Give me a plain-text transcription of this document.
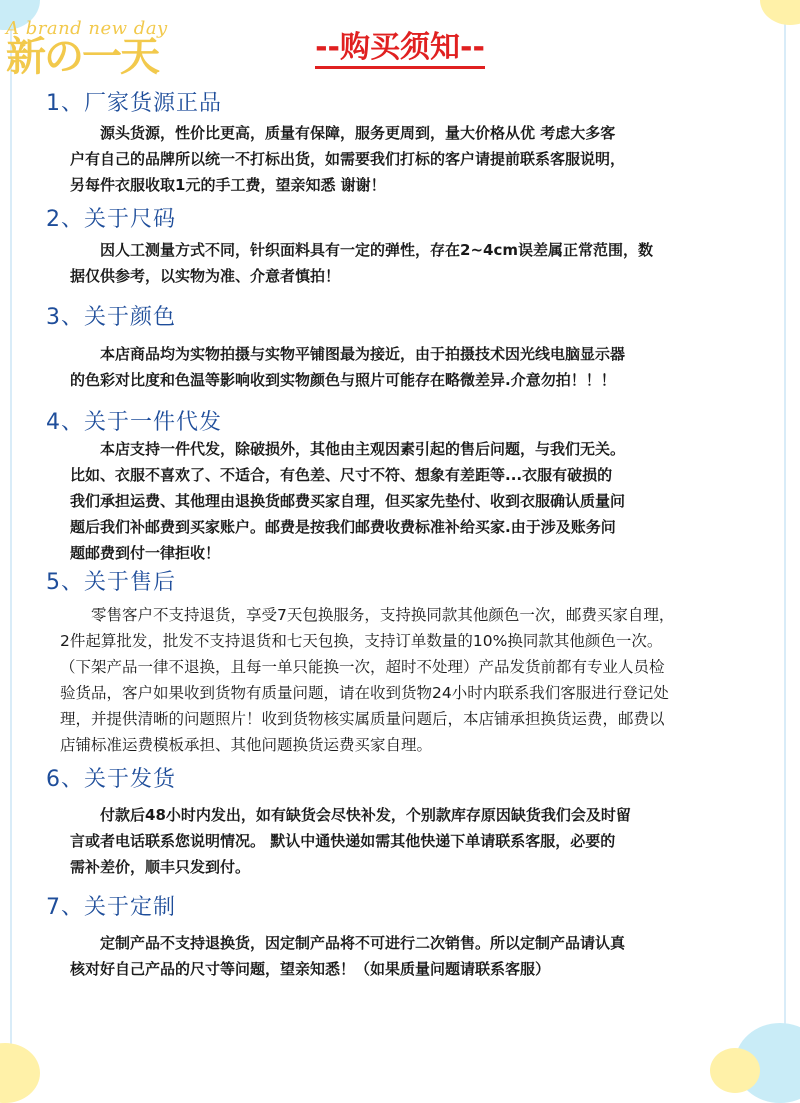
A brand new day
新の一天	--购买须知--
1、厂家货源正品

　　源头货源，性价比更高，质量有保障，服务更周到，量大价格从优 考虑大多客

户有自己的品牌所以统一不打标出货，如需要我们打标的客户请提前联系客服说明，

另每件衣服收取1元的手工费，望亲知悉 谢谢！

2、关于尺码

　　因人工测量方式不同，针织面料具有一定的弹性，存在2~4cm误差属正常范围，数

据仅供参考，以实物为准、介意者慎拍！

3、关于颜色

　　本店商品均为实物拍摄与实物平铺图最为接近，由于拍摄技术因光线电脑显示器

的色彩对比度和色温等影响收到实物颜色与照片可能存在略微差异.介意勿拍！！！

4、关于一件代发

　　本店支持一件代发，除破损外，其他由主观因素引起的售后问题，与我们无关。

比如、衣服不喜欢了、不适合，有色差、尺寸不符、想象有差距等...衣服有破损的

我们承担运费、其他理由退换货邮费买家自理，但买家先垫付、收到衣服确认质量问

题后我们补邮费到买家账户。邮费是按我们邮费收费标准补给买家.由于涉及账务问

题邮费到付一律拒收！

5、关于售后

　　零售客户不支持退货，享受7天包换服务，支持换同款其他颜色一次，邮费买家自理，

2件起算批发，批发不支持退货和七天包换，支持订单数量的10%换同款其他颜色一次。

（下架产品一律不退换，且每一单只能换一次，超时不处理）产品发货前都有专业人员检

验货品，客户如果收到货物有质量问题，请在收到货物24小时内联系我们客服进行登记处

理，并提供清晰的问题照片！收到货物核实属质量问题后，本店铺承担换货运费，邮费以

店铺标准运费模板承担、其他问题换货运费买家自理。

6、关于发货

　　付款后48小时内发出，如有缺货会尽快补发，个别款库存原因缺货我们会及时留

言或者电话联系您说明情况。 默认中通快递如需其他快递下单请联系客服，必要的

需补差价，顺丰只发到付。

7、关于定制

　　定制产品不支持退换货，因定制产品将不可进行二次销售。所以定制产品请认真

核对好自己产品的尺寸等问题，望亲知悉！（如果质量问题请联系客服）
